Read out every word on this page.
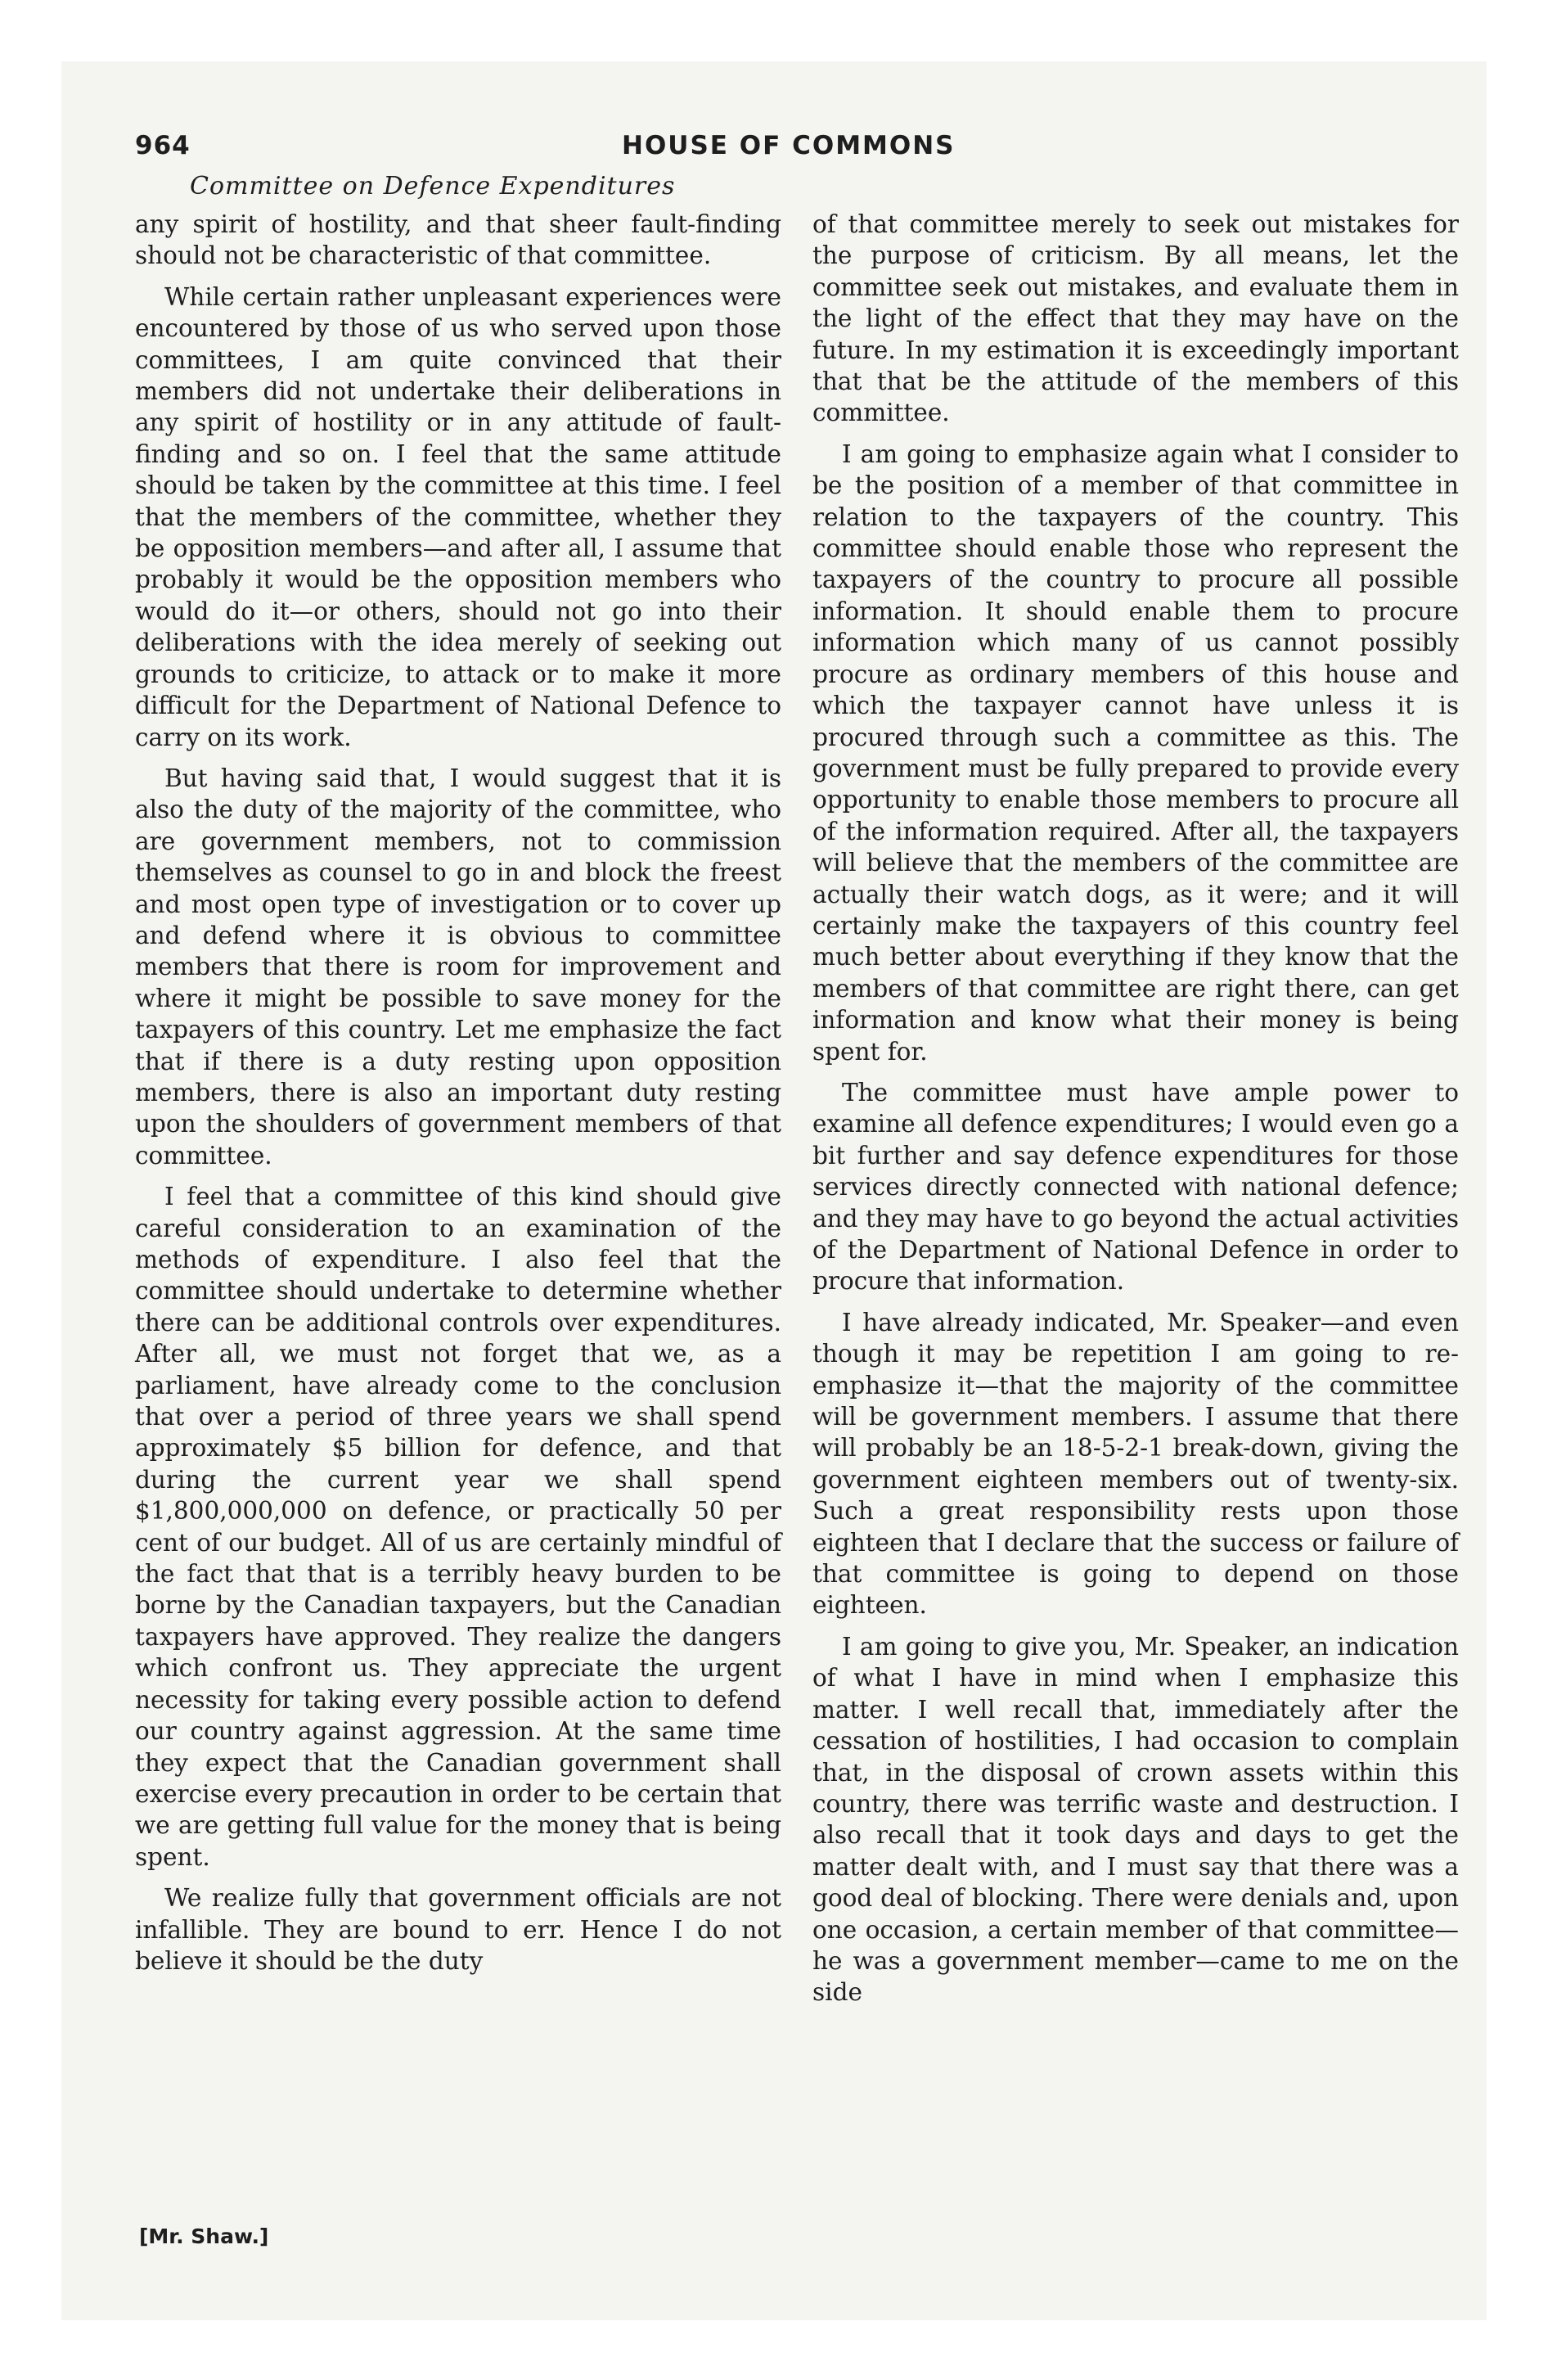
964	HOUSE OF COMMONS
Committee on Defence Expenditures

any spirit of hostility, and that sheer fault-finding should not be characteristic of that committee.

While certain rather unpleasant experiences were encountered by those of us who served upon those committees, I am quite convinced that their members did not undertake their deliberations in any spirit of hostility or in any attitude of fault-finding and so on. I feel that the same attitude should be taken by the committee at this time. I feel that the members of the committee, whether they be opposition members—and after all, I assume that probably it would be the opposition members who would do it—or others, should not go into their deliberations with the idea merely of seeking out grounds to criticize, to attack or to make it more difficult for the Department of National Defence to carry on its work.

But having said that, I would suggest that it is also the duty of the majority of the committee, who are government members, not to commission themselves as counsel to go in and block the freest and most open type of investigation or to cover up and defend where it is obvious to committee members that there is room for improvement and where it might be possible to save money for the taxpayers of this country. Let me emphasize the fact that if there is a duty resting upon opposition members, there is also an important duty resting upon the shoulders of government members of that committee.

I feel that a committee of this kind should give careful consideration to an examination of the methods of expenditure. I also feel that the committee should undertake to determine whether there can be additional controls over expenditures. After all, we must not forget that we, as a parliament, have already come to the conclusion that over a period of three years we shall spend approximately $5 billion for defence, and that during the current year we shall spend $1,800,000,000 on defence, or practically 50 per cent of our budget. All of us are certainly mindful of the fact that that is a terribly heavy burden to be borne by the Canadian taxpayers, but the Canadian taxpayers have approved. They realize the dangers which confront us. They appreciate the urgent necessity for taking every possible action to defend our country against aggression. At the same time they expect that the Canadian government shall exercise every precaution in order to be certain that we are getting full value for the money that is being spent.

We realize fully that government officials are not infallible. They are bound to err. Hence I do not believe it should be the duty

of that committee merely to seek out mistakes for the purpose of criticism. By all means, let the committee seek out mistakes, and evaluate them in the light of the effect that they may have on the future. In my estimation it is exceedingly important that that be the attitude of the members of this committee.

I am going to emphasize again what I consider to be the position of a member of that committee in relation to the taxpayers of the country. This committee should enable those who represent the taxpayers of the country to procure all possible information. It should enable them to procure information which many of us cannot possibly procure as ordinary members of this house and which the taxpayer cannot have unless it is procured through such a committee as this. The government must be fully prepared to provide every opportunity to enable those members to procure all of the information required. After all, the taxpayers will believe that the members of the committee are actually their watch dogs, as it were; and it will certainly make the taxpayers of this country feel much better about everything if they know that the members of that committee are right there, can get information and know what their money is being spent for.

The committee must have ample power to examine all defence expenditures; I would even go a bit further and say defence expenditures for those services directly connected with national defence; and they may have to go beyond the actual activities of the Department of National Defence in order to procure that information.

I have already indicated, Mr. Speaker—and even though it may be repetition I am going to re-emphasize it—that the majority of the committee will be government members. I assume that there will probably be an 18-5-2-1 break-down, giving the government eighteen members out of twenty-six. Such a great responsibility rests upon those eighteen that I declare that the success or failure of that committee is going to depend on those eighteen.

I am going to give you, Mr. Speaker, an indication of what I have in mind when I emphasize this matter. I well recall that, immediately after the cessation of hostilities, I had occasion to complain that, in the disposal of crown assets within this country, there was terrific waste and destruction. I also recall that it took days and days to get the matter dealt with, and I must say that there was a good deal of blocking. There were denials and, upon one occasion, a certain member of that committee—he was a government member—came to me on the side

[Mr. Shaw.]
